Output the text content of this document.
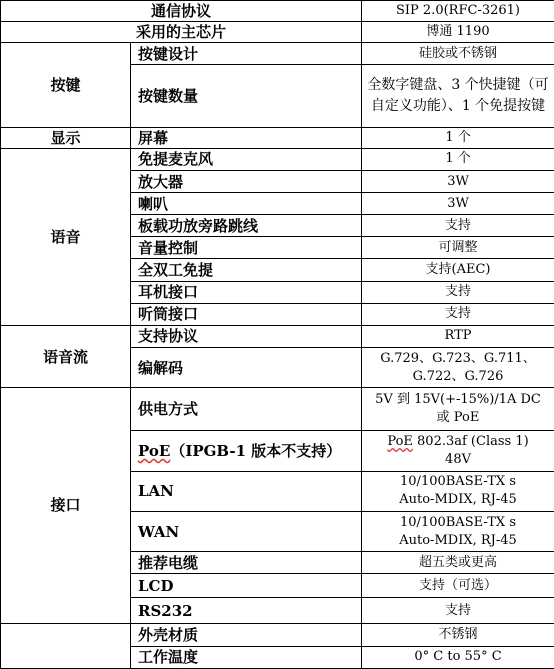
通信协议		SIP 2.0(RFC-3261)
采用的主芯片		博通 1190
按键	按键设计	硅胶或不锈钢
	按键数量	全数字键盘、3 个快捷键（可自定义功能）、1 个免提按键
显示	屏幕	1 个
语音	免提麦克风	1 个
	放大器	3W
	喇叭	3W
	板载功放旁路跳线	支持
	音量控制	可调整
	全双工免提	支持(AEC)
	耳机接口	支持
	听筒接口	支持
语音流	支持协议	RTP
	编解码	G.729、G.723、G.711、
G.722、G.726

接口	供电方式	5V 到 15V(+-15%)/1A DC
或 PoE

	PoE（IPGB-1 版本不支持）	PoE 802.3af (Class 1)
48V

	LAN	10/100BASE-TX s
Auto-MDIX, RJ-45

	WAN	10/100BASE-TX s
Auto-MDIX, RJ-45

	推荐电缆	超五类或更高
	LCD	支持（可选）
	RS232	支持
	外壳材质	不锈钢
	工作温度	0° C to 55° C
